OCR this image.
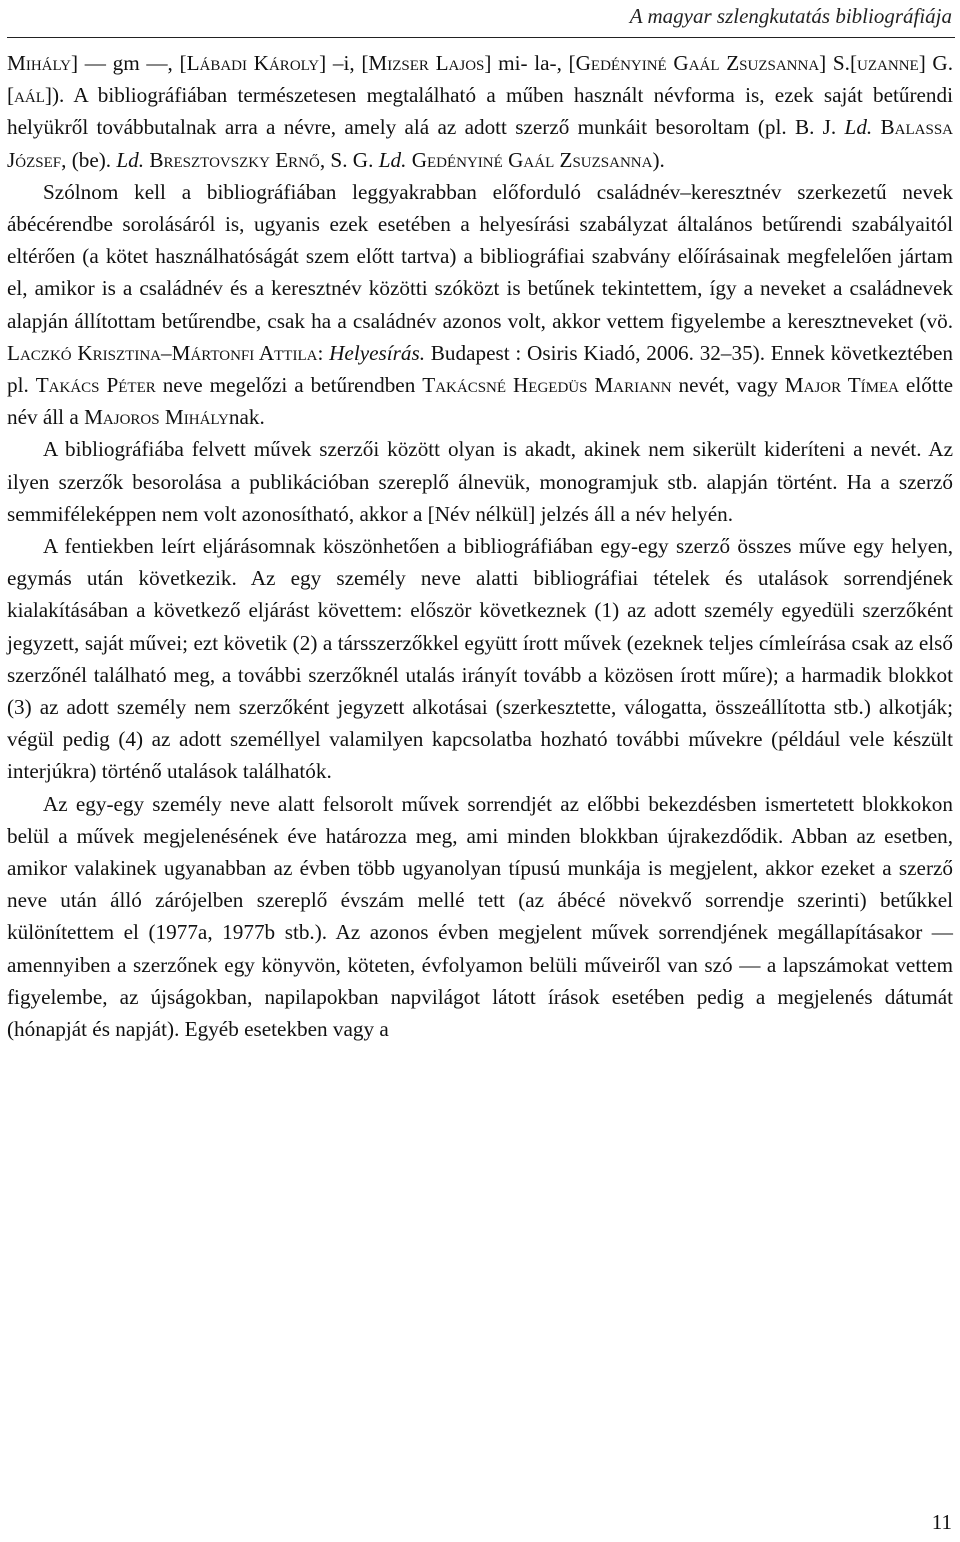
A magyar szlengkutatás bibliográfiája

Mihály] — gm —, [Lábadi Károly] –i, [Mizser Lajos] mi- la-, [Gedényiné Gaál Zsuzsanna] S.[uzanne] G.[aál]). A bibliográfiában természetesen megtalálható a műben használt névforma is, ezek saját betűrendi helyükről továbbutalnak arra a névre, amely alá az adott szerző munkáit besoroltam (pl. B. J. Ld. Balassa József, (be). Ld. Bresztovszky Ernő, S. G. Ld. Gedényiné Gaál Zsuzsanna).

Szólnom kell a bibliográfiában leggyakrabban előforduló családnév–keresztnév szerkezetű nevek ábécérendbe sorolásáról is, ugyanis ezek esetében a helyesírási szabályzat általános betűrendi szabályaitól eltérően (a kötet használhatóságát szem előtt tartva) a bibliográfiai szabvány előírásainak megfelelően jártam el, amikor is a családnév és a keresztnév közötti szóközt is betűnek tekintettem, így a neveket a családnevek alapján állítottam betűrendbe, csak ha a családnév azonos volt, akkor vettem figyelembe a keresztneveket (vö. Laczkó Krisztina–Mártonfi Attila: Helyesírás. Budapest : Osiris Kiadó, 2006. 32–35). Ennek következtében pl. Takács Péter neve megelőzi a betűrendben Takácsné Hegedüs Mariann nevét, vagy Major Tímea előtte név áll a Majoros Mihálynak.

A bibliográfiába felvett művek szerzői között olyan is akadt, akinek nem sikerült kideríteni a nevét. Az ilyen szerzők besorolása a publikációban szereplő álnevük, monogramjuk stb. alapján történt. Ha a szerző semmiféleképpen nem volt azonosítható, akkor a [Név nélkül] jelzés áll a név helyén.

A fentiekben leírt eljárásomnak köszönhetően a bibliográfiában egy-egy szerző összes műve egy helyen, egymás után következik. Az egy személy neve alatti bibliográfiai tételek és utalások sorrendjének kialakításában a következő eljárást követtem: először következnek (1) az adott személy egyedüli szerzőként jegyzett, saját művei; ezt követik (2) a társszerzőkkel együtt írott művek (ezeknek teljes címleírása csak az első szerzőnél található meg, a további szerzőknél utalás irányít tovább a közösen írott műre); a harmadik blokkot (3) az adott személy nem szerzőként jegyzett alkotásai (szerkesztette, válogatta, összeállította stb.) alkotják; végül pedig (4) az adott személlyel valamilyen kapcsolatba hozható további művekre (például vele készült interjúkra) történő utalások találhatók.

Az egy-egy személy neve alatt felsorolt művek sorrendjét az előbbi bekezdésben ismertetett blokkokon belül a művek megjelenésének éve határozza meg, ami minden blokkban újrakezdődik. Abban az esetben, amikor valakinek ugyanabban az évben több ugyanolyan típusú munkája is megjelent, akkor ezeket a szerző neve után álló zárójelben szereplő évszám mellé tett (az ábécé növekvő sorrendje szerinti) betűkkel különítettem el (1977a, 1977b stb.). Az azonos évben megjelent művek sorrendjének megállapításakor — amennyiben a szerzőnek egy könyvön, köteten, évfolyamon belüli műveiről van szó — a lapszámokat vettem figyelembe, az újságokban, napilapokban napvilágot látott írások esetében pedig a megjelenés dátumát (hónapját és napját). Egyéb esetekben vagy a

11
